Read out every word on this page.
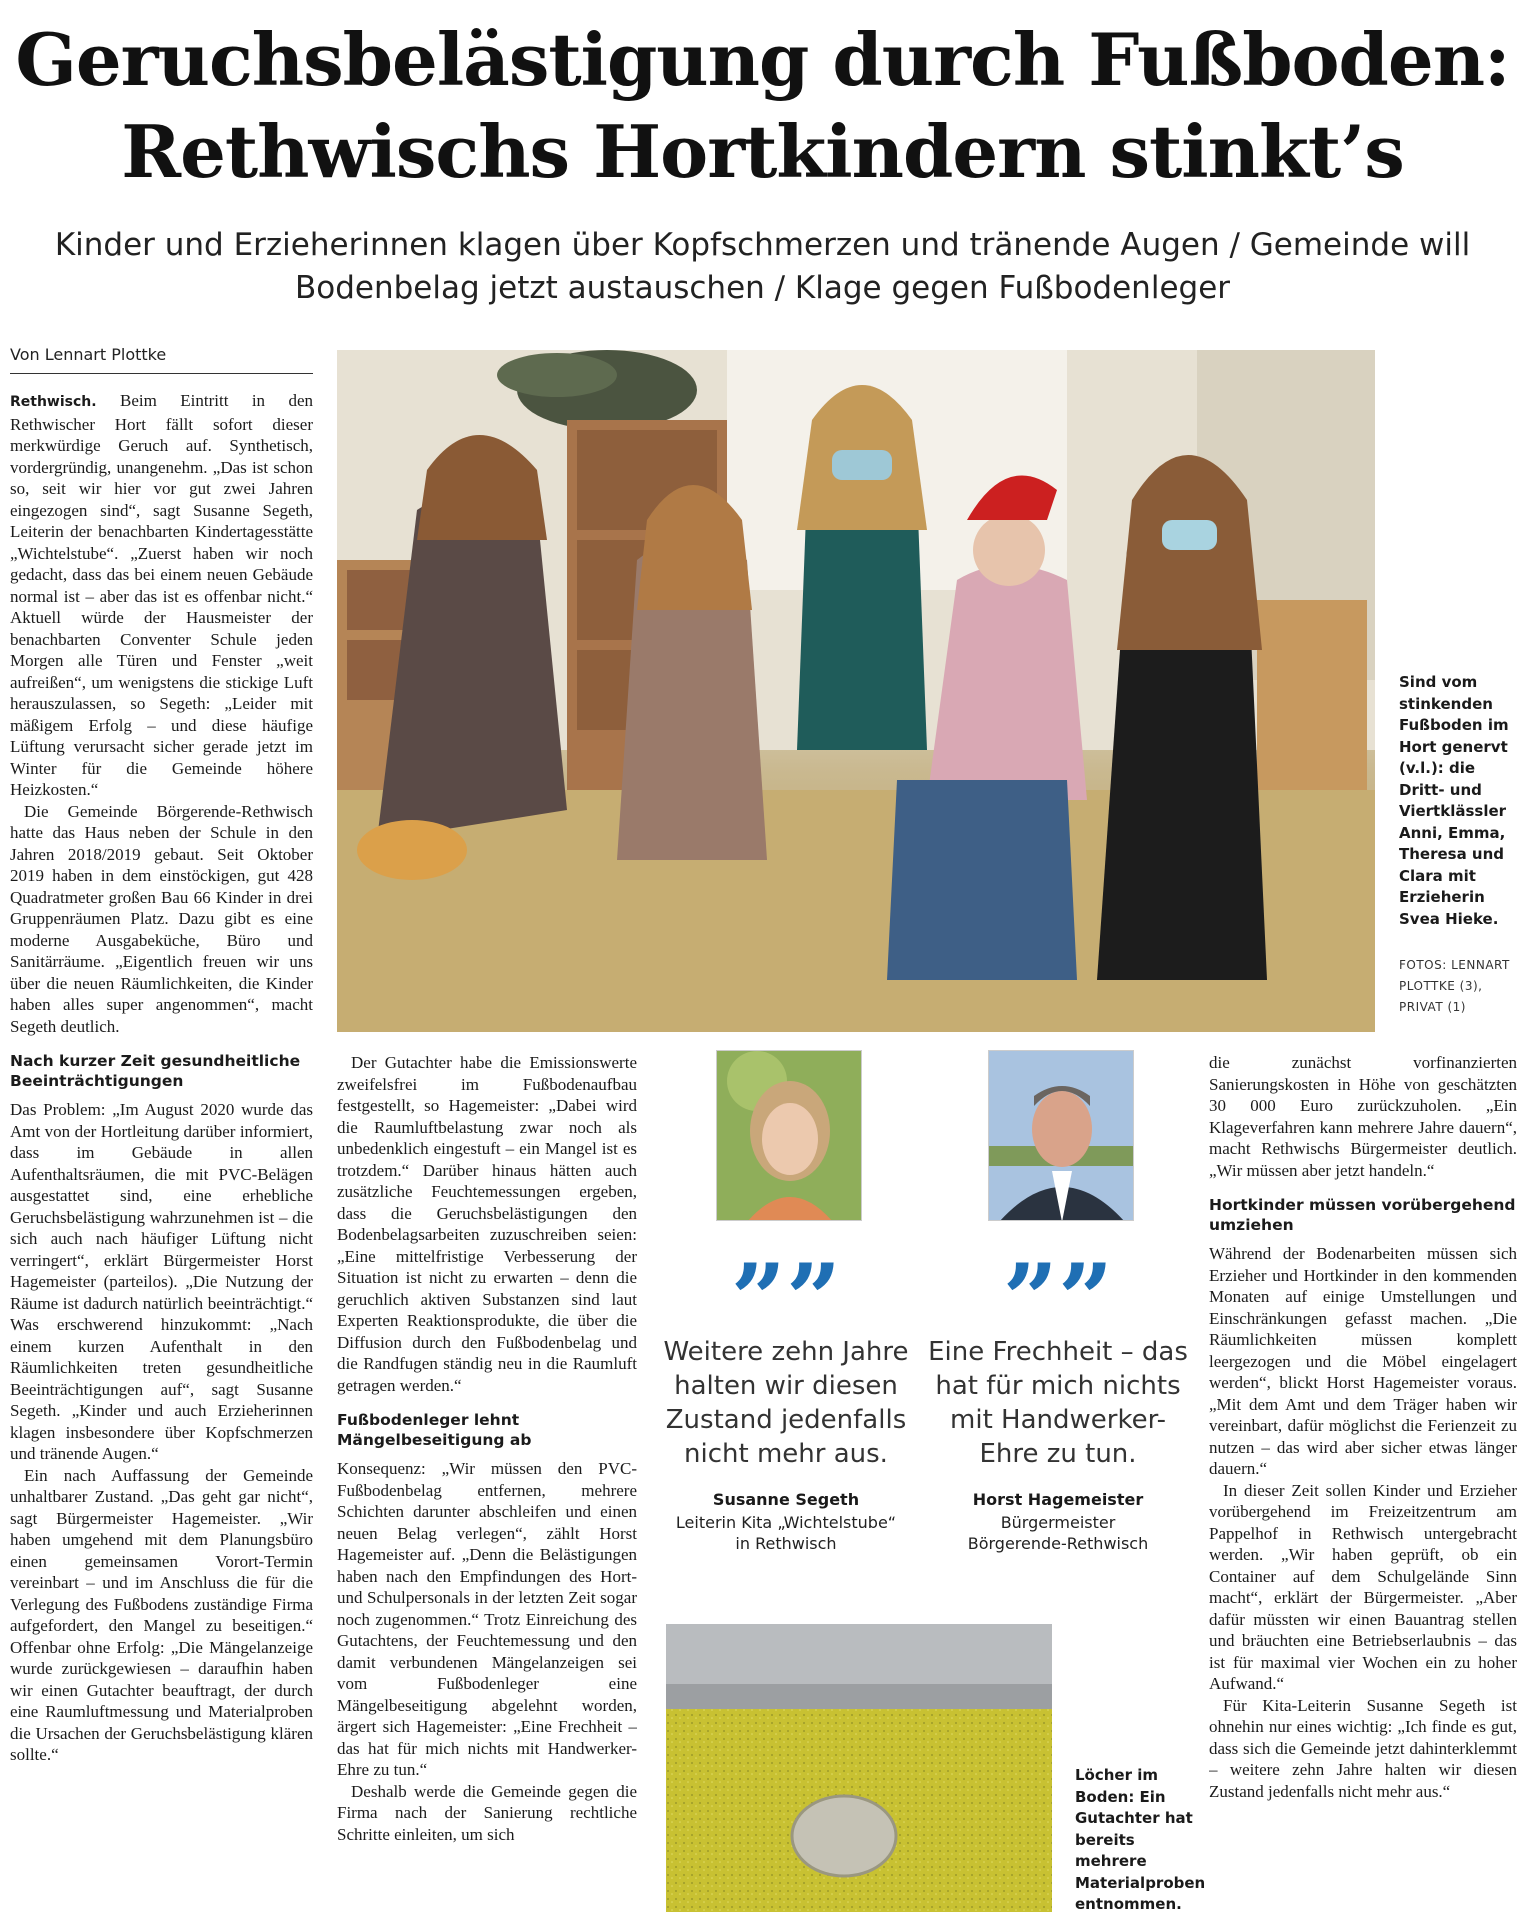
Geruchsbelästigung durch Fußboden:
Rethwischs Hortkindern stinkt’s
Kinder und Erzieherinnen klagen über Kopfschmerzen und tränende Augen / Gemeinde will
Bodenbelag jetzt austauschen / Klage gegen Fußbodenleger
Von Lennart Plottke

Rethwisch. Beim Eintritt in den Rethwischer Hort fällt sofort dieser merkwürdige Geruch auf. Synthetisch, vordergründig, unangenehm. „Das ist schon so, seit wir hier vor gut zwei Jahren eingezogen sind“, sagt Susanne Segeth, Leiterin der benachbarten Kindertagesstätte „Wichtelstube“. „Zuerst haben wir noch gedacht, dass das bei einem neuen Gebäude normal ist – aber das ist es offenbar nicht.“ Aktuell würde der Hausmeister der benachbarten Conventer Schule jeden Morgen alle Türen und Fenster „weit aufreißen“, um wenigstens die stickige Luft herauszulassen, so Segeth: „Leider mit mäßigem Erfolg – und diese häufige Lüftung verursacht sicher gerade jetzt im Winter für die Gemeinde höhere Heizkosten.“

Die Gemeinde Börgerende-Rethwisch hatte das Haus neben der Schule in den Jahren 2018/2019 gebaut. Seit Oktober 2019 haben in dem einstöckigen, gut 428 Quadratmeter großen Bau 66 Kinder in drei Gruppenräumen Platz. Dazu gibt es eine moderne Ausgabeküche, Büro und Sanitärräume. „Eigentlich freuen wir uns über die neuen Räumlichkeiten, die Kinder haben alles super angenommen“, macht Segeth deutlich.

Nach kurzer Zeit gesundheitliche Beeinträchtigungen

Das Problem: „Im August 2020 wurde das Amt von der Hortleitung darüber informiert, dass im Gebäude in allen Aufenthaltsräumen, die mit PVC-Belägen ausgestattet sind, eine erhebliche Geruchsbelästigung wahrzunehmen ist – die sich auch nach häufiger Lüftung nicht verringert“, erklärt Bürgermeister Horst Hagemeister (parteilos). „Die Nutzung der Räume ist dadurch natürlich beeinträchtigt.“ Was erschwerend hinzukommt: „Nach einem kurzen Aufenthalt in den Räumlichkeiten treten gesundheitliche Beeinträchtigungen auf“, sagt Susanne Segeth. „Kinder und auch Erzieherinnen klagen insbesondere über Kopfschmerzen und tränende Augen.“

Ein nach Auffassung der Gemeinde unhaltbarer Zustand. „Das geht gar nicht“, sagt Bürgermeister Hagemeister. „Wir haben umgehend mit dem Planungsbüro einen gemeinsamen Vorort-Termin vereinbart – und im Anschluss die für die Verlegung des Fußbodens zuständige Firma aufgefordert, den Mangel zu beseitigen.“ Offenbar ohne Erfolg: „Die Mängelanzeige wurde zurückgewiesen – daraufhin haben wir einen Gutachter beauftragt, der durch eine Raumluftmessung und Materialproben die Ursachen der Geruchsbelästigung klären sollte.“

Sind vom stinkenden Fußboden im Hort genervt (v.l.): die Dritt- und Viertklässler Anni, Emma, Theresa und Clara mit Erzieherin Svea Hieke.
FOTOS: LENNART PLOTTKE (3), PRIVAT (1)

Der Gutachter habe die Emissionswerte zweifelsfrei im Fußbodenaufbau festgestellt, so Hagemeister: „Dabei wird die Raumluftbelastung zwar noch als unbedenklich eingestuft – ein Mangel ist es trotzdem.“ Darüber hinaus hätten auch zusätzliche Feuchtemessungen ergeben, dass die Geruchsbelästigungen den Bodenbelagsarbeiten zuzuschreiben seien: „Eine mittelfristige Verbesserung der Situation ist nicht zu erwarten – denn die geruchlich aktiven Substanzen sind laut Experten Reaktionsprodukte, die über die Diffusion durch den Fußbodenbelag und die Randfugen ständig neu in die Raumluft getragen werden.“

Fußbodenleger lehnt Mängelbeseitigung ab

Konsequenz: „Wir müssen den PVC-Fußbodenbelag entfernen, mehrere Schichten darunter abschleifen und einen neuen Belag verlegen“, zählt Horst Hagemeister auf. „Denn die Belästigungen haben nach den Empfindungen des Hort- und Schulpersonals in der letzten Zeit sogar noch zugenommen.“ Trotz Einreichung des Gutachtens, der Feuchtemessung und den damit verbundenen Mängelanzeigen sei vom Fußbodenleger eine Mängelbeseitigung abgelehnt worden, ärgert sich Hagemeister: „Eine Frechheit – das hat für mich nichts mit Handwerker-Ehre zu tun.“

Deshalb werde die Gemeinde gegen die Firma nach der Sanierung rechtliche Schritte einleiten, um sich

””
Weitere zehn Jahre halten wir diesen Zustand jedenfalls nicht mehr aus.
Susanne Segeth
Leiterin Kita „Wichtelstube“
in Rethwisch
””
Eine Frechheit – das hat für mich nichts mit Handwerker-Ehre zu tun.
Horst Hagemeister
Bürgermeister
Börgerende-Rethwisch
Löcher im Boden: Ein Gutachter hat bereits mehrere Materialproben entnommen.

die zunächst vorfinanzierten Sanierungskosten in Höhe von geschätzten 30 000 Euro zurückzuholen. „Ein Klageverfahren kann mehrere Jahre dauern“, macht Rethwischs Bürgermeister deutlich. „Wir müssen aber jetzt handeln.“

Hortkinder müssen vorübergehend umziehen

Während der Bodenarbeiten müssen sich Erzieher und Hortkinder in den kommenden Monaten auf einige Umstellungen und Einschränkungen gefasst machen. „Die Räumlichkeiten müssen komplett leergezogen und die Möbel eingelagert werden“, blickt Horst Hagemeister voraus. „Mit dem Amt und dem Träger haben wir vereinbart, dafür möglichst die Ferienzeit zu nutzen – das wird aber sicher etwas länger dauern.“

In dieser Zeit sollen Kinder und Erzieher vorübergehend im Freizeitzentrum am Pappelhof in Rethwisch untergebracht werden. „Wir haben geprüft, ob ein Container auf dem Schulgelände Sinn macht“, erklärt der Bürgermeister. „Aber dafür müssten wir einen Bauantrag stellen und bräuchten eine Betriebserlaubnis – das ist für maximal vier Wochen ein zu hoher Aufwand.“

Für Kita-Leiterin Susanne Segeth ist ohnehin nur eines wichtig: „Ich finde es gut, dass sich die Gemeinde jetzt dahinterklemmt – weitere zehn Jahre halten wir diesen Zustand jedenfalls nicht mehr aus.“
